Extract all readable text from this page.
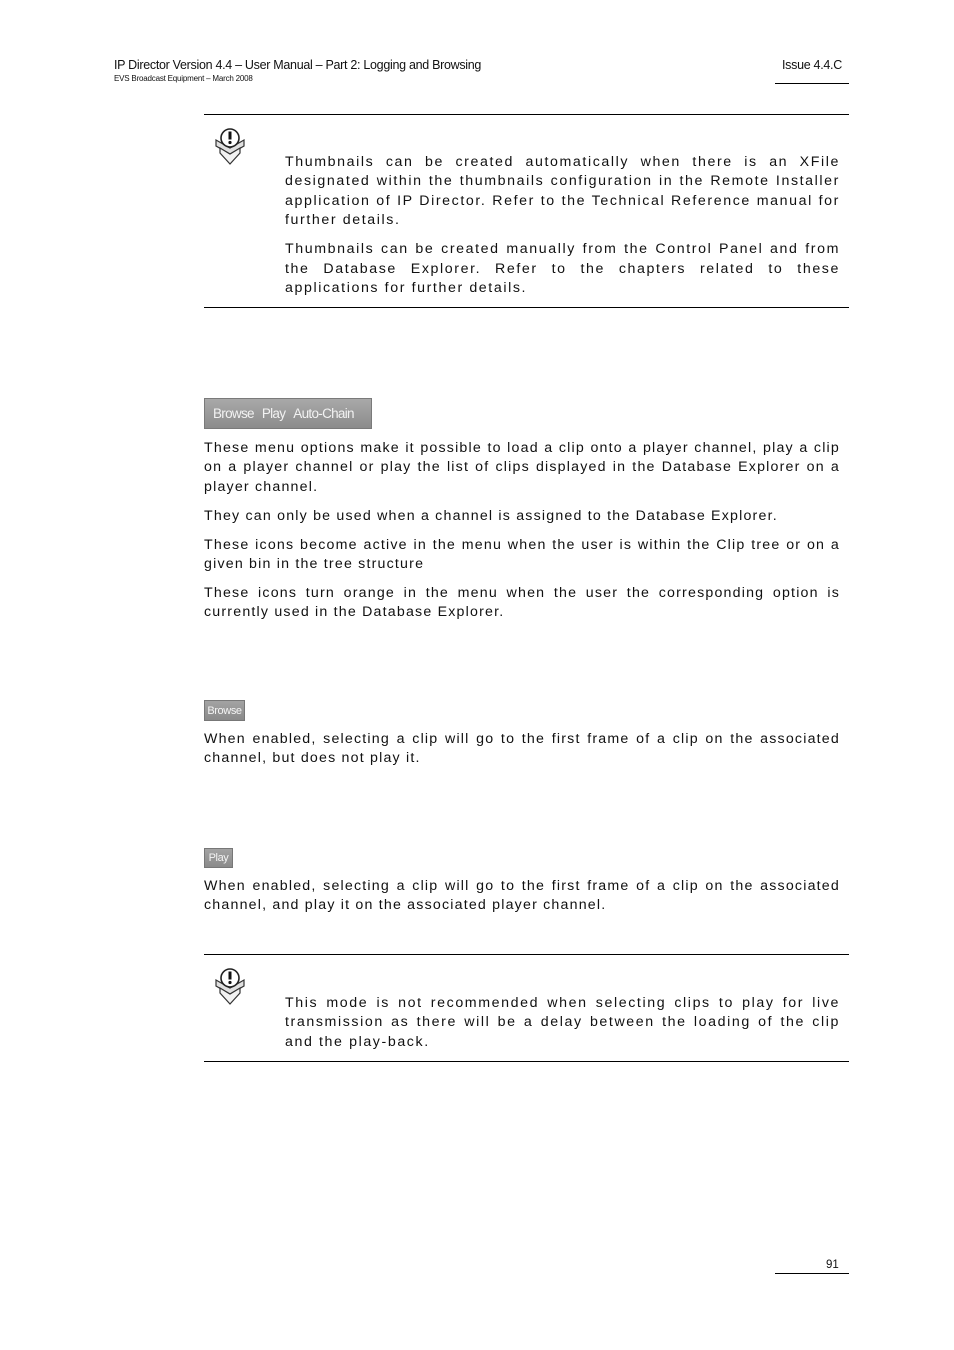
IP Director Version 4.4 – User Manual – Part 2: Logging and Browsing
EVS Broadcast Equipment – March 2008
Issue 4.4.C

Thumbnails can be created automatically when there is an XFile designated within the thumbnails configuration in the Remote Installer application of IP Director. Refer to the Technical Reference manual for further details.

Thumbnails can be created manually from the Control Panel and from the Database Explorer. Refer to the chapters related to these applications for further details.

Browse Play Auto-Chain

These menu options make it possible to load a clip onto a player channel, play a clip on a player channel or play the list of clips displayed in the Database Explorer on a player channel.

They can only be used when a channel is assigned to the Database Explorer.

These icons become active in the menu when the user is within the Clip tree or on a given bin in the tree structure

These icons turn orange in the menu when the user the corresponding option is currently used in the Database Explorer.

Browse

When enabled, selecting a clip will go to the first frame of a clip on the associated channel, but does not play it.

Play

When enabled, selecting a clip will go to the first frame of a clip on the associated channel, and play it on the associated player channel.

This mode is not recommended when selecting clips to play for live transmission as there will be a delay between the loading of the clip and the play-back.

91
